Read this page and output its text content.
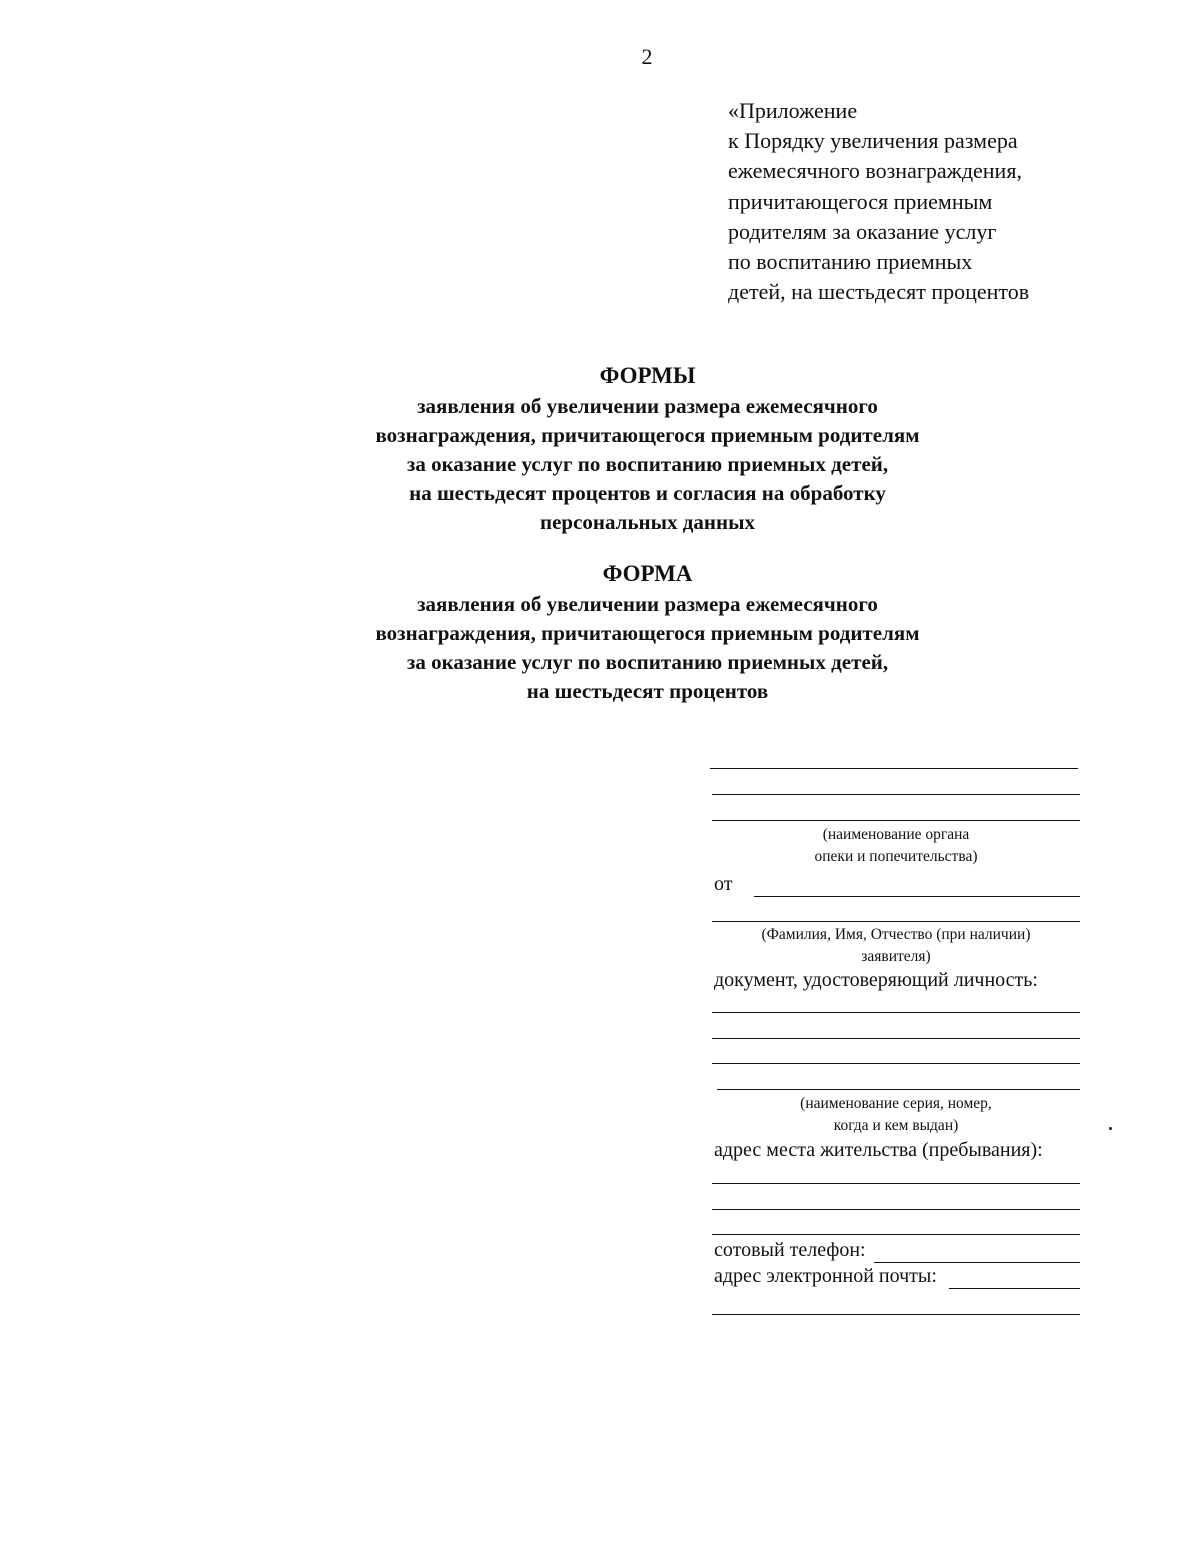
2
«Приложение
к Порядку увеличения размера
ежемесячного вознаграждения,
причитающегося приемным
родителям за оказание услуг
по воспитанию приемных
детей, на шестьдесят процентов
ФОРМЫ
заявления об увеличении размера ежемесячного
вознаграждения, причитающегося приемным родителям
за оказание услуг по воспитанию приемных детей,
на шестьдесят процентов и согласия на обработку
персональных данных
ФОРМА
заявления об увеличении размера ежемесячного
вознаграждения, причитающегося приемным родителям
за оказание услуг по воспитанию приемных детей,
на шестьдесят процентов
(наименование органа
опеки и попечительства)
от
(Фамилия, Имя, Отчество (при наличии)
заявителя)
документ, удостоверяющий личность:
(наименование серия, номер,
когда и кем выдан)
адрес места жительства (пребывания):
сотовый телефон:
адрес электронной почты:
